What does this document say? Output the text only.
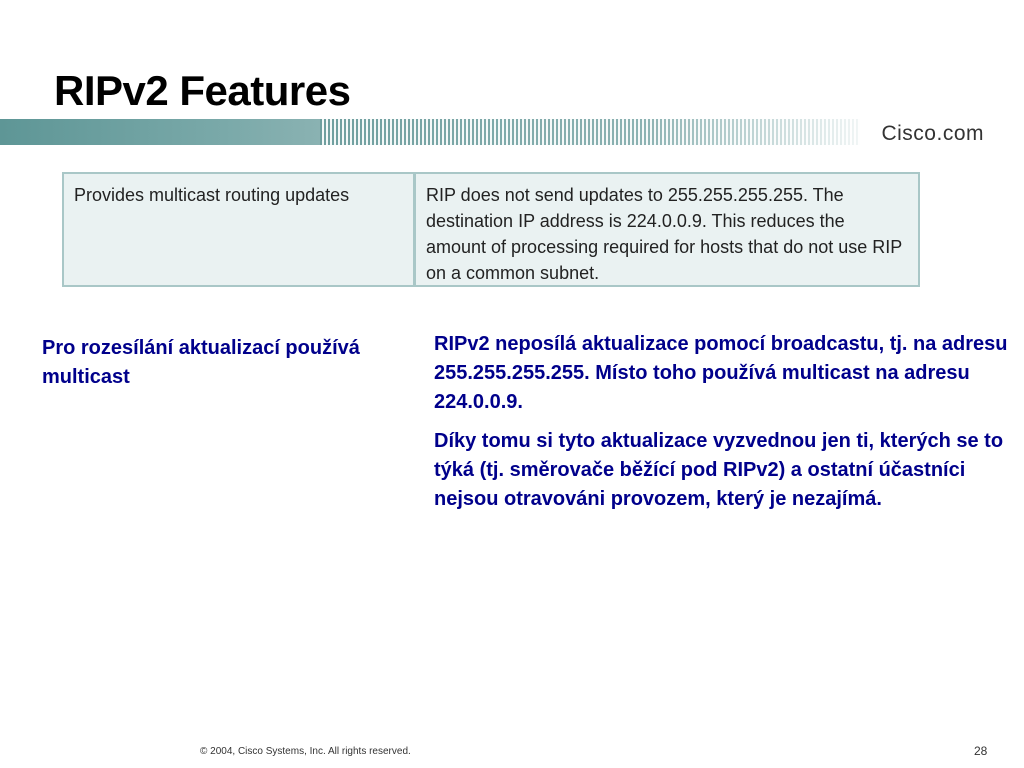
RIPv2 Features
Cisco.com
Provides multicast routing updates	RIP does not send updates to 255.255.255.255. The destination IP address is 224.0.0.9. This reduces the amount of processing required for hosts that do not use RIP on a common subnet.
Pro rozesílání aktualizací používá multicast

RIPv2 neposílá aktualizace pomocí broadcastu, tj. na adresu 255.255.255.255. Místo toho používá multicast na adresu 224.0.0.9.

Díky tomu si tyto aktualizace vyzvednou jen ti, kterých se to týká (tj. směrovače běžící pod RIPv2) a ostatní účastníci nejsou otravováni provozem, který je nezajímá.

© 2004, Cisco Systems, Inc. All rights reserved.	28
